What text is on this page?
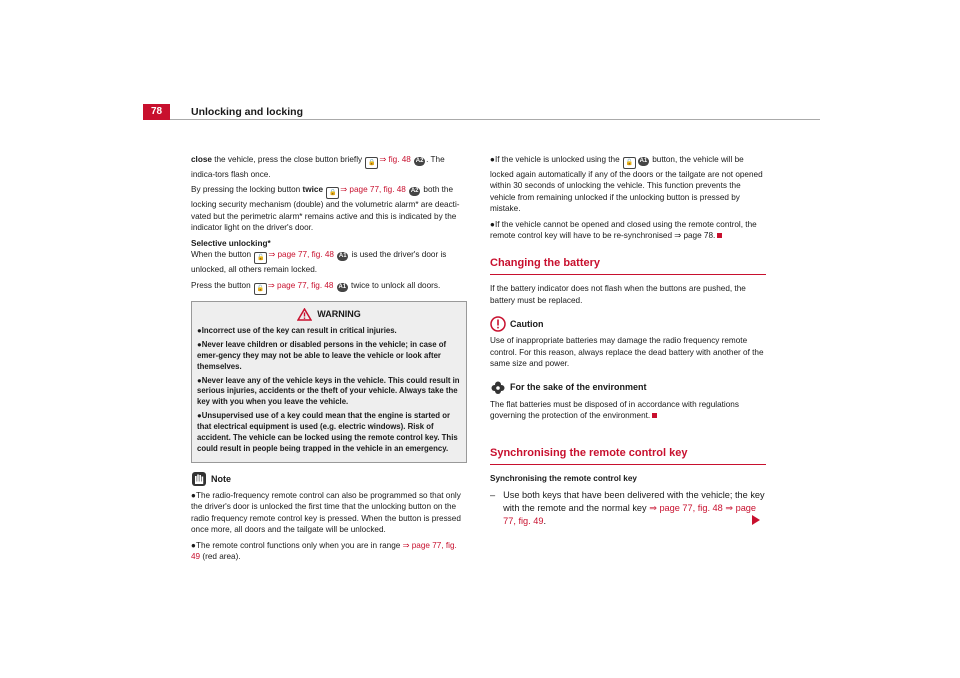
78	Unlocking and locking

close the vehicle, press the close button briefly 🔒 ⇒ fig. 48 A2 . The indica-tors flash once.

By pressing the locking button twice 🔒 ⇒ page 77, fig. 48 A2 both the locking security mechanism (double) and the volumetric alarm* are deacti-vated but the perimetric alarm* remains active and this is indicated by the indicator light on the driver's door.

Selective unlocking*

When the button 🔓 ⇒ page 77, fig. 48 A1 is used the driver's door is unlocked, all others remain locked.

Press the button 🔓 ⇒ page 77, fig. 48 A1 twice to unlock all doors.

WARNING

●Incorrect use of the key can result in critical injuries.

●Never leave children or disabled persons in the vehicle; in case of emer-gency they may not be able to leave the vehicle or look after themselves.

●Never leave any of the vehicle keys in the vehicle. This could result in serious injuries, accidents or the theft of your vehicle. Always take the key with you when you leave the vehicle.

●Unsupervised use of a key could mean that the engine is started or that electrical equipment is used (e.g. electric windows). Risk of accident. The vehicle can be locked using the remote control key. This could result in people being trapped in the vehicle in an emergency.

Note

●The radio-frequency remote control can also be programmed so that only the driver's door is unlocked the first time that the unlocking button on the radio frequency remote control key is pressed. When the button is pressed once more, all doors and the tailgate will be unlocked.

●The remote control functions only when you are in range ⇒ page 77, fig. 49 (red area).

●If the vehicle is unlocked using the 🔓 A1 button, the vehicle will be locked again automatically if any of the doors or the tailgate are not opened within 30 seconds of unlocking the vehicle. This function prevents the vehicle from remaining unlocked if the unlocking button is pressed by mistake.

●If the vehicle cannot be opened and closed using the remote control, the remote control key will have to be re-synchronised ⇒ page 78.

Changing the battery

If the battery indicator does not flash when the buttons are pushed, the battery must be replaced.

Caution

Use of inappropriate batteries may damage the radio frequency remote control. For this reason, always replace the dead battery with another of the same size and power.

For the sake of the environment

The flat batteries must be disposed of in accordance with regulations governing the protection of the environment.

Synchronising the remote control key

Synchronising the remote control key

– Use both keys that have been delivered with the vehicle; the key with the remote and the normal key ⇒ page 77, fig. 48 ⇒ page 77, fig. 49.
